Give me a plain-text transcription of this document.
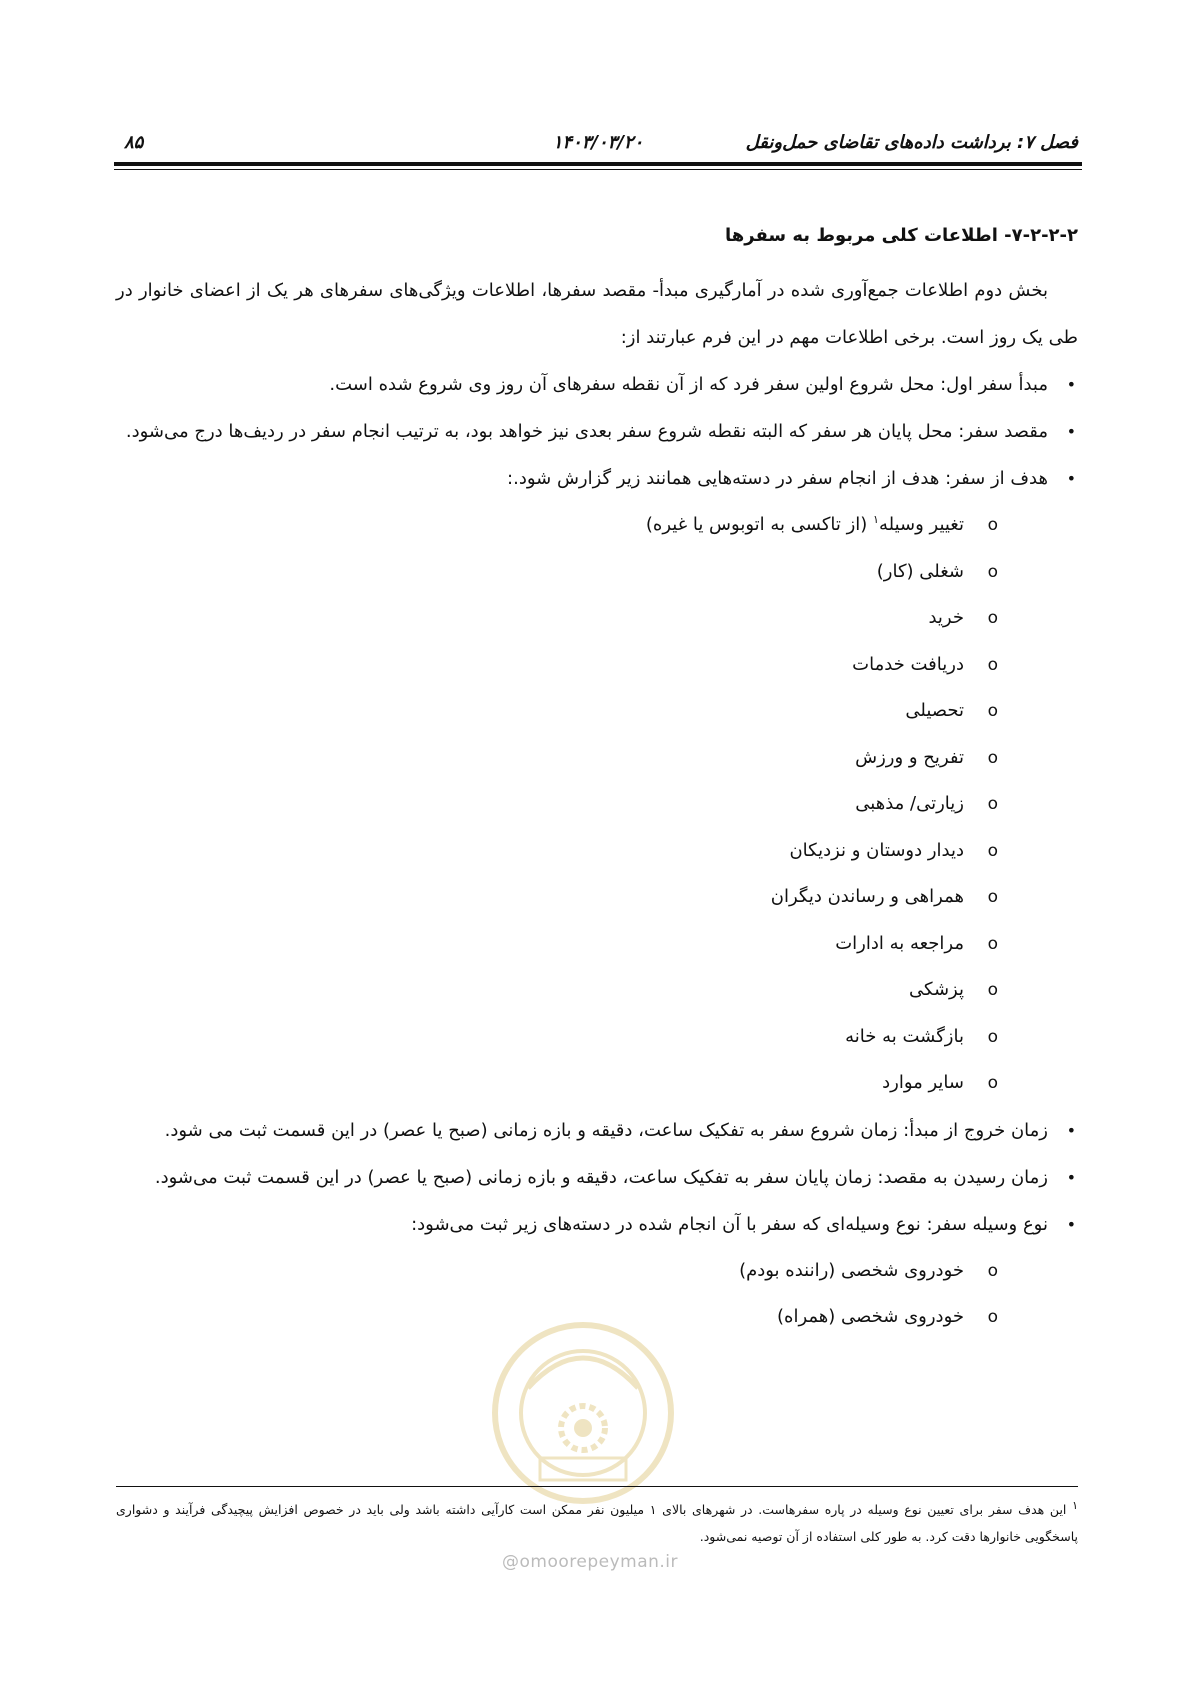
فصل ۷: برداشت داده‌های تقاضای حمل‌ونقل
۱۴۰۳/۰۳/۲۰
۸۵
@omoorepeyman.ir
۷-۲-۲-۲- اطلاعات کلی مربوط به سفرها
بخش دوم اطلاعات جمع‌آوری شده در آمارگیری مبدأ- مقصد سفرها، اطلاعات ویژگی‌های سفرهای هر یک از اعضای خانوار در طی یک روز است. برخی اطلاعات مهم در این فرم عبارتند از:
•
مبدأ سفر اول: محل شروع اولین سفر فرد که از آن نقطه سفرهای آن روز وی شروع شده است.
•
مقصد سفر: محل پایان هر سفر که البته نقطه شروع سفر بعدی نیز خواهد بود، به ترتیب انجام سفر در ردیف‌ها درج می‌شود.
•
هدف از سفر: هدف از انجام سفر در دسته‌هایی همانند زیر گزارش شود.:
o
تغییر وسیله$^۱$ (از تاکسی به اتوبوس یا غیره)
o
شغلی (کار)
o
خرید
o
دریافت خدمات
o
تحصیلی
o
تفریح و ورزش
o
زیارتی/ مذهبی
o
دیدار دوستان و نزدیکان
o
همراهی و رساندن دیگران
o
مراجعه به ادارات
o
پزشکی
o
بازگشت به خانه
o
سایر موارد
•
زمان خروج از مبدأ: زمان شروع سفر به تفکیک ساعت، دقیقه و بازه زمانی (صبح یا عصر) در این قسمت ثبت می شود.
•
زمان رسیدن به مقصد: زمان پایان سفر به تفکیک ساعت، دقیقه و بازه زمانی (صبح یا عصر) در این قسمت ثبت می‌شود.
•
نوع وسیله سفر: نوع وسیله‌ای که سفر با آن انجام شده در دسته‌های زیر ثبت می‌شود:
o
خودروی شخصی (راننده بودم)
o
خودروی شخصی (همراه)
$^۱$ این هدف سفر برای تعیین نوع وسیله در پاره سفرهاست. در شهرهای بالای ۱ میلیون نفر ممکن است کارآیی داشته باشد ولی باید در خصوص افزایش پیچیدگی فرآیند و دشواری پاسخگویی خانوارها دقت کرد. به طور کلی استفاده از آن توصیه نمی‌شود.
